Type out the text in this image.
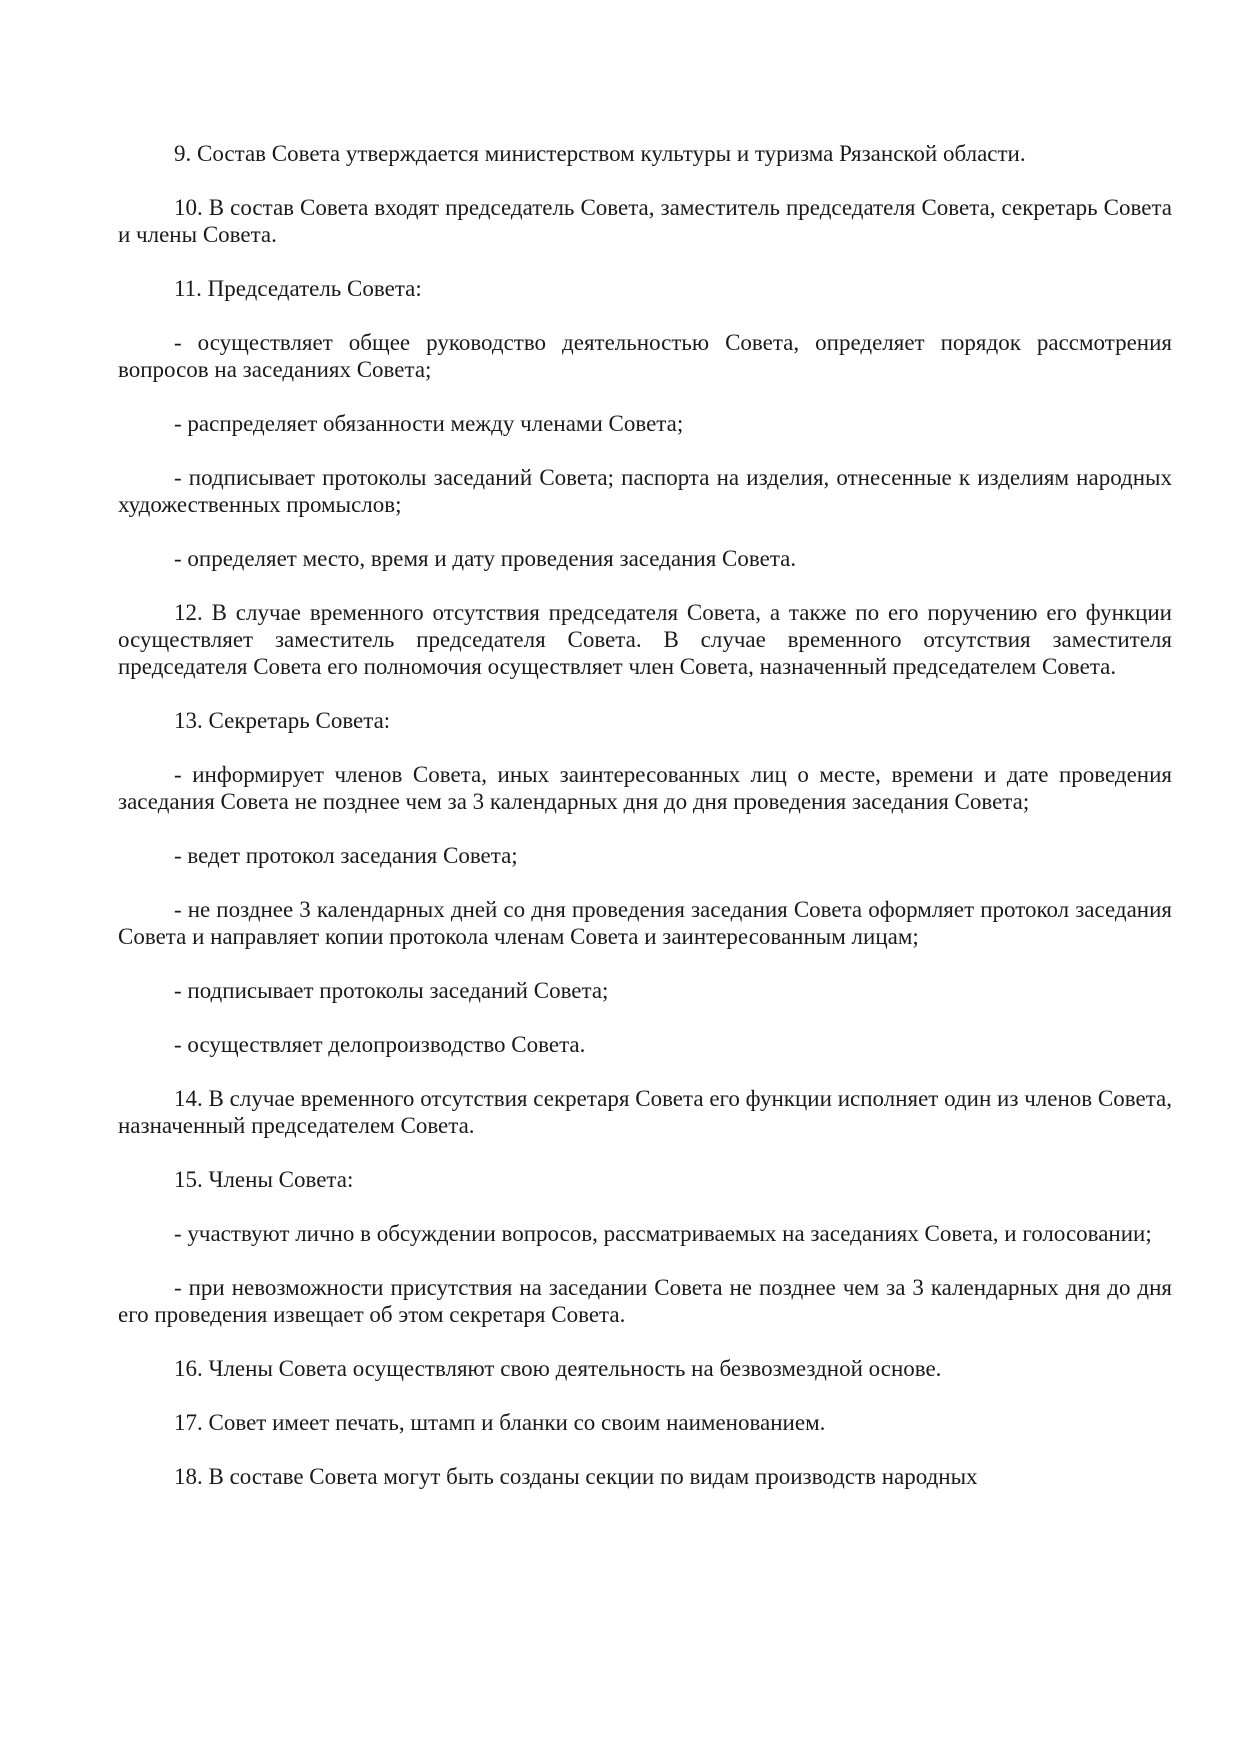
9. Состав Совета утверждается министерством культуры и туризма Рязанской области.

10. В состав Совета входят председатель Совета, заместитель председателя Совета, секретарь Совета и члены Совета.

11. Председатель Совета:

- осуществляет общее руководство деятельностью Совета, определяет порядок рассмотрения вопросов на заседаниях Совета;

- распределяет обязанности между членами Совета;

- подписывает протоколы заседаний Совета; паспорта на изделия, отнесенные к изделиям народных художественных промыслов;

- определяет место, время и дату проведения заседания Совета.

12. В случае временного отсутствия председателя Совета, а также по его поручению его функции осуществляет заместитель председателя Совета. В случае временного отсутствия заместителя председателя Совета его полномочия осуществляет член Совета, назначенный председателем Совета.

13. Секретарь Совета:

- информирует членов Совета, иных заинтересованных лиц о месте, времени и дате проведения заседания Совета не позднее чем за 3 календарных дня до дня проведения заседания Совета;

- ведет протокол заседания Совета;

- не позднее 3 календарных дней со дня проведения заседания Совета оформляет протокол заседания Совета и направляет копии протокола членам Совета и заинтересованным лицам;

- подписывает протоколы заседаний Совета;

- осуществляет делопроизводство Совета.

14. В случае временного отсутствия секретаря Совета его функции исполняет один из членов Совета, назначенный председателем Совета.

15. Члены Совета:

- участвуют лично в обсуждении вопросов, рассматриваемых на заседаниях Совета, и голосовании;

- при невозможности присутствия на заседании Совета не позднее чем за 3 календарных дня до дня его проведения извещает об этом секретаря Совета.

16. Члены Совета осуществляют свою деятельность на безвозмездной основе.

17. Совет имеет печать, штамп и бланки со своим наименованием.

18. В составе Совета могут быть созданы секции по видам производств народных
